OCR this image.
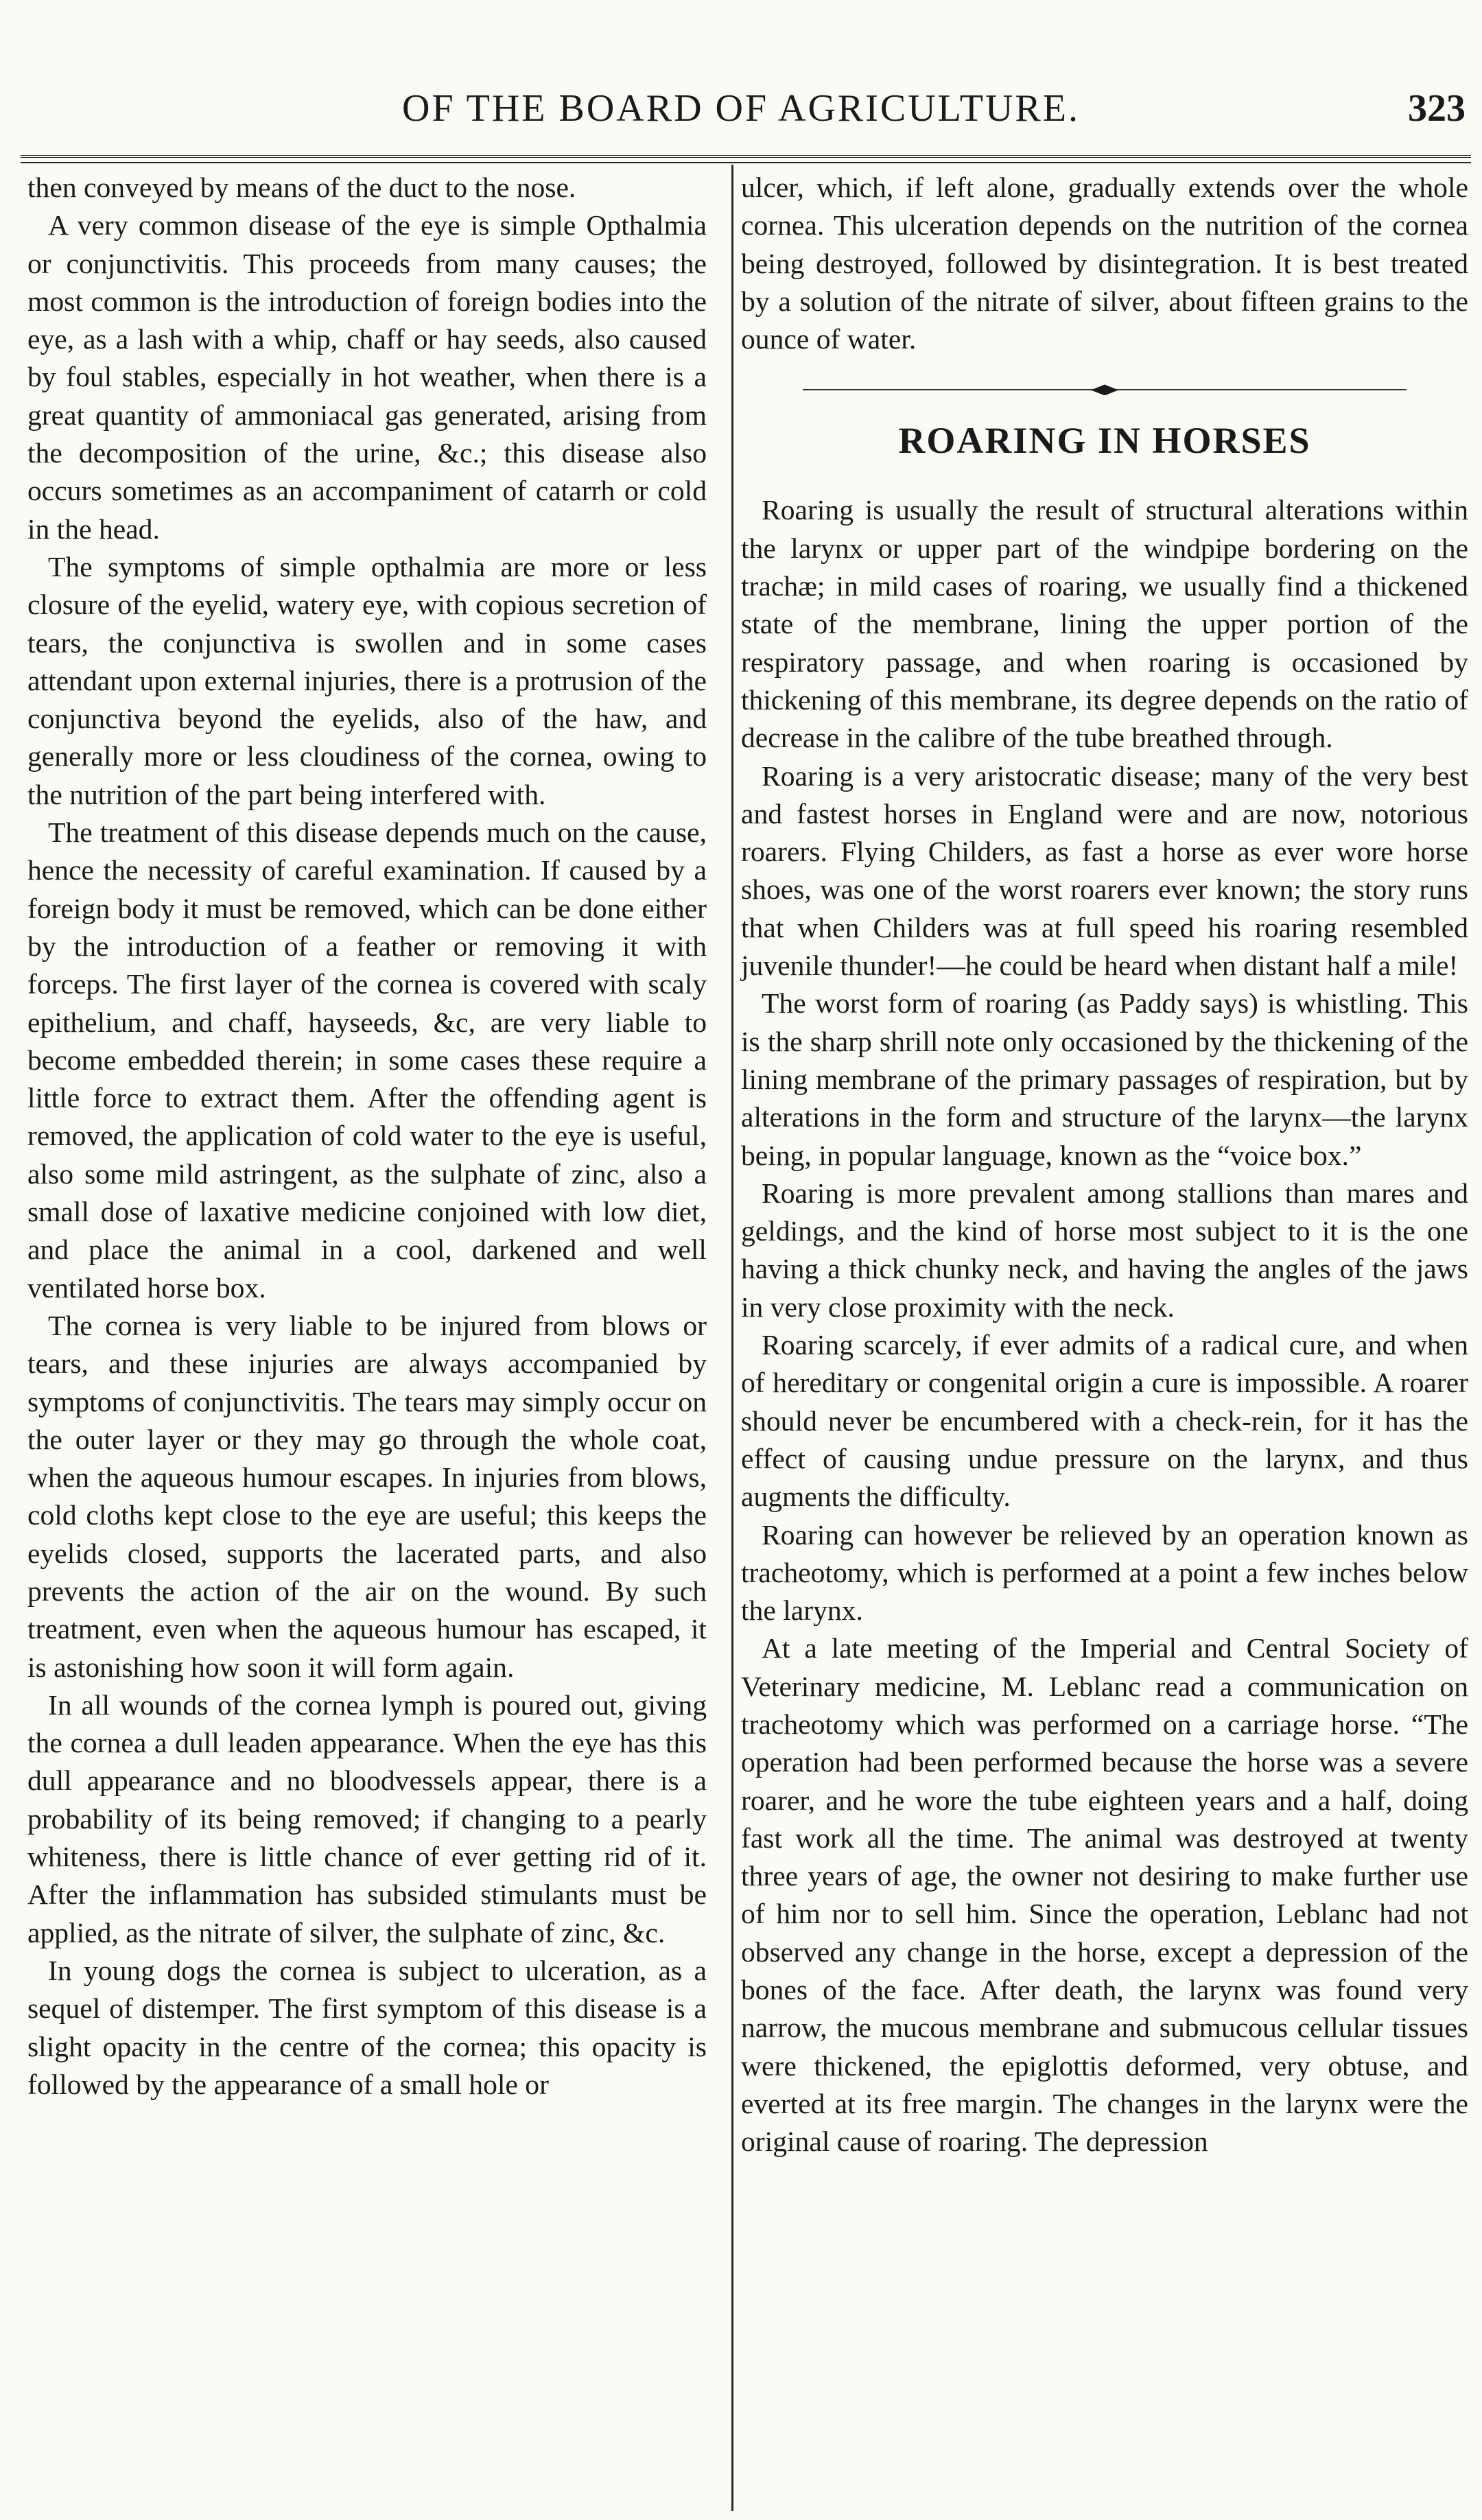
OF THE BOARD OF AGRICULTURE.	323

then conveyed by means of the duct to the nose.

A very common disease of the eye is simple Opthalmia or conjunctivitis. This proceeds from many causes; the most common is the introduction of foreign bodies into the eye, as a lash with a whip, chaff or hay seeds, also caused by foul stables, especially in hot weather, when there is a great quantity of ammoniacal gas generated, arising from the decomposition of the urine, &c.; this disease also occurs sometimes as an accompaniment of catarrh or cold in the head.

The symptoms of simple opthalmia are more or less closure of the eyelid, watery eye, with copious secretion of tears, the conjunctiva is swollen and in some cases attendant upon external injuries, there is a protrusion of the conjunctiva beyond the eyelids, also of the haw, and generally more or less cloudiness of the cornea, owing to the nutrition of the part being interfered with.

The treatment of this disease depends much on the cause, hence the necessity of careful examination. If caused by a foreign body it must be removed, which can be done either by the introduction of a feather or removing it with forceps. The first layer of the cornea is covered with scaly epithelium, and chaff, hayseeds, &c, are very liable to become embedded therein; in some cases these require a little force to extract them. After the offending agent is removed, the application of cold water to the eye is useful, also some mild astringent, as the sulphate of zinc, also a small dose of laxative medicine conjoined with low diet, and place the animal in a cool, darkened and well ventilated horse box.

The cornea is very liable to be injured from blows or tears, and these injuries are always accompanied by symptoms of conjunctivitis. The tears may simply occur on the outer layer or they may go through the whole coat, when the aqueous humour escapes. In injuries from blows, cold cloths kept close to the eye are useful; this keeps the eyelids closed, supports the lacerated parts, and also prevents the action of the air on the wound. By such treatment, even when the aqueous humour has escaped, it is astonishing how soon it will form again.

In all wounds of the cornea lymph is poured out, giving the cornea a dull leaden appearance. When the eye has this dull appearance and no bloodvessels appear, there is a probability of its being removed; if changing to a pearly whiteness, there is little chance of ever getting rid of it. After the inflammation has subsided stimulants must be applied, as the nitrate of silver, the sulphate of zinc, &c.

In young dogs the cornea is subject to ulceration, as a sequel of distemper. The first symptom of this disease is a slight opacity in the centre of the cornea; this opacity is followed by the appearance of a small hole or

ulcer, which, if left alone, gradually extends over the whole cornea. This ulceration depends on the nutrition of the cornea being destroyed, followed by disintegration. It is best treated by a solution of the nitrate of silver, about fifteen grains to the ounce of water.

ROARING IN HORSES

Roaring is usually the result of structural alterations within the larynx or upper part of the windpipe bordering on the trachæ; in mild cases of roaring, we usually find a thickened state of the membrane, lining the upper portion of the respiratory passage, and when roaring is occasioned by thickening of this membrane, its degree depends on the ratio of decrease in the calibre of the tube breathed through.

Roaring is a very aristocratic disease; many of the very best and fastest horses in England were and are now, notorious roarers. Flying Childers, as fast a horse as ever wore horse shoes, was one of the worst roarers ever known; the story runs that when Childers was at full speed his roaring resembled juvenile thunder!—he could be heard when distant half a mile!

The worst form of roaring (as Paddy says) is whistling. This is the sharp shrill note only occasioned by the thickening of the lining membrane of the primary passages of respiration, but by alterations in the form and structure of the larynx—the larynx being, in popular language, known as the “voice box.”

Roaring is more prevalent among stallions than mares and geldings, and the kind of horse most subject to it is the one having a thick chunky neck, and having the angles of the jaws in very close proximity with the neck.

Roaring scarcely, if ever admits of a radical cure, and when of hereditary or congenital origin a cure is impossible. A roarer should never be encumbered with a check-rein, for it has the effect of causing undue pressure on the larynx, and thus augments the difficulty.

Roaring can however be relieved by an operation known as tracheotomy, which is performed at a point a few inches below the larynx.

At a late meeting of the Imperial and Central Society of Veterinary medicine, M. Leblanc read a communication on tracheotomy which was performed on a carriage horse. “The operation had been performed because the horse was a severe roarer, and he wore the tube eighteen years and a half, doing fast work all the time. The animal was destroyed at twenty three years of age, the owner not desiring to make further use of him nor to sell him. Since the operation, Leblanc had not observed any change in the horse, except a depression of the bones of the face. After death, the larynx was found very narrow, the mucous membrane and submucous cellular tissues were thickened, the epiglottis deformed, very obtuse, and everted at its free margin. The changes in the larynx were the original cause of roaring. The depression
